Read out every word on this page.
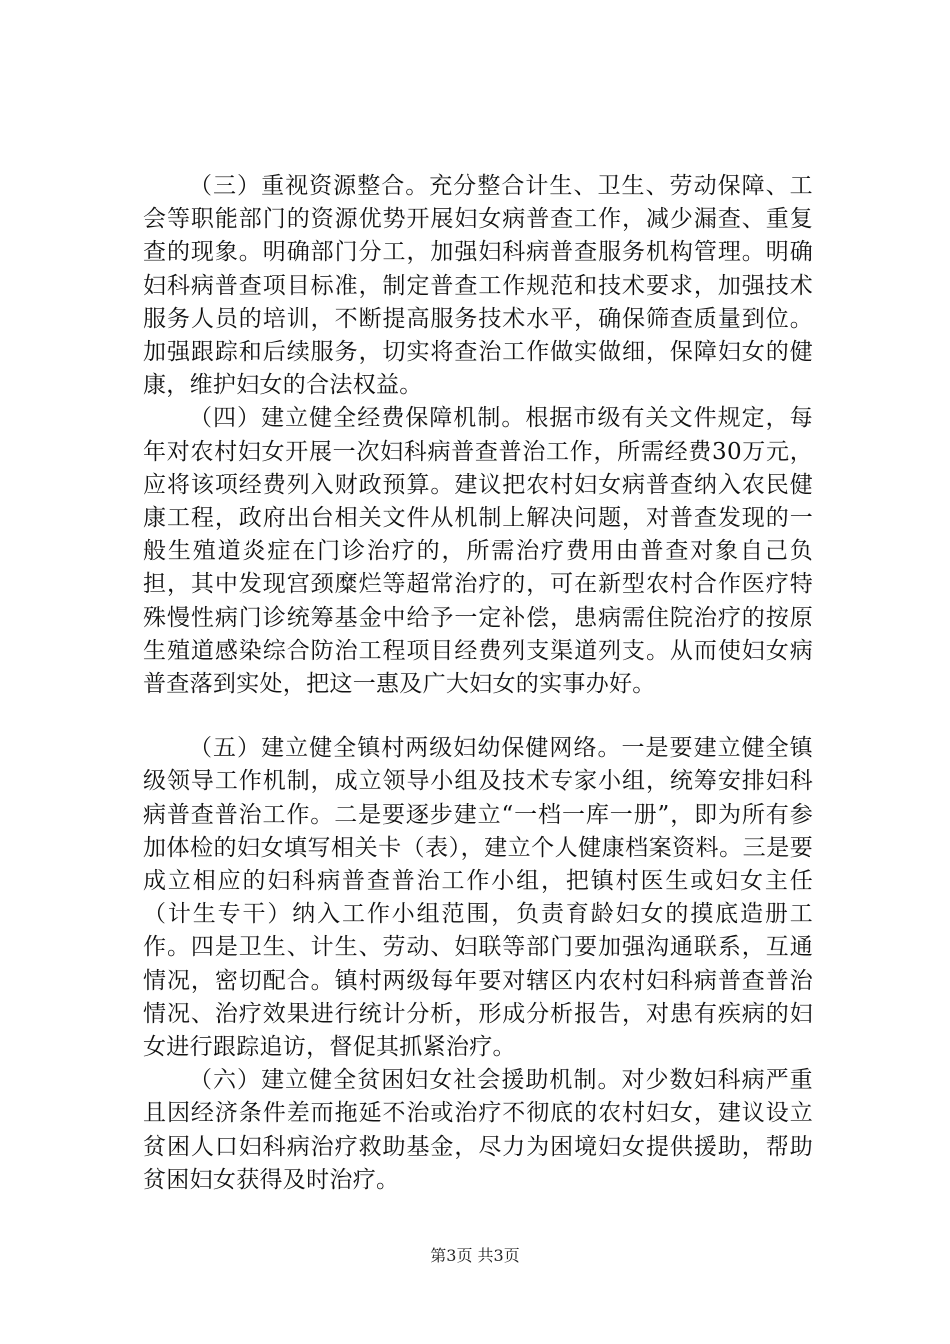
（三）重视资源整合。充分整合计生、卫生、劳动保障、工会等职能部门的资源优势开展妇女病普查工作，减少漏查、重复查的现象。明确部门分工，加强妇科病普查服务机构管理。明确妇科病普查项目标准，制定普查工作规范和技术要求，加强技术服务人员的培训，不断提高服务技术水平，确保筛查质量到位。加强跟踪和后续服务，切实将查治工作做实做细，保障妇女的健康，维护妇女的合法权益。

（四）建立健全经费保障机制。根据市级有关文件规定，每年对农村妇女开展一次妇科病普查普治工作，所需经费30万元，应将该项经费列入财政预算。建议把农村妇女病普查纳入农民健康工程，政府出台相关文件从机制上解决问题，对普查发现的一般生殖道炎症在门诊治疗的，所需治疗费用由普查对象自己负担，其中发现宫颈糜烂等超常治疗的，可在新型农村合作医疗特殊慢性病门诊统筹基金中给予一定补偿，患病需住院治疗的按原生殖道感染综合防治工程项目经费列支渠道列支。从而使妇女病普查落到实处，把这一惠及广大妇女的实事办好。

（五）建立健全镇村两级妇幼保健网络。一是要建立健全镇级领导工作机制，成立领导小组及技术专家小组，统筹安排妇科病普查普治工作。二是要逐步建立“一档一库一册”，即为所有参加体检的妇女填写相关卡（表），建立个人健康档案资料。三是要成立相应的妇科病普查普治工作小组，把镇村医生或妇女主任（计生专干）纳入工作小组范围，负责育龄妇女的摸底造册工作。四是卫生、计生、劳动、妇联等部门要加强沟通联系，互通情况，密切配合。镇村两级每年要对辖区内农村妇科病普查普治情况、治疗效果进行统计分析，形成分析报告，对患有疾病的妇女进行跟踪追访，督促其抓紧治疗。

（六）建立健全贫困妇女社会援助机制。对少数妇科病严重且因经济条件差而拖延不治或治疗不彻底的农村妇女，建议设立贫困人口妇科病治疗救助基金，尽力为困境妇女提供援助，帮助贫困妇女获得及时治疗。

第3页 共3页
